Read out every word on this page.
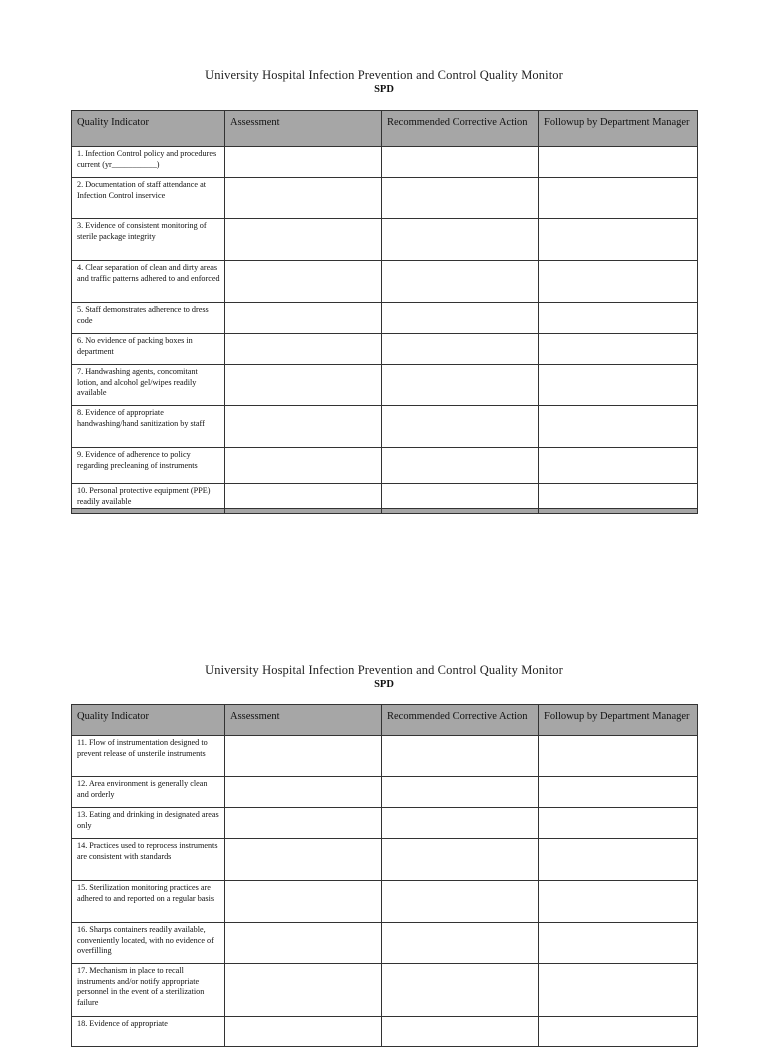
University Hospital Infection Prevention and Control Quality Monitor
SPD
Quality Indicator	Assessment	Recommended Corrective Action	Followup by Department Manager
1. Infection Control policy and procedures current (yr___________)			
2. Documentation of staff attendance at Infection Control inservice			
3. Evidence of consistent monitoring of sterile package integrity			
4. Clear separation of clean and dirty areas and traffic patterns adhered to and enforced			
5. Staff demonstrates adherence to dress code			
6. No evidence of packing boxes in department			
7. Handwashing agents, concomitant lotion, and alcohol gel/wipes readily available			
8. Evidence of appropriate handwashing/hand sanitization by staff			
9. Evidence of adherence to policy regarding precleaning of instruments			
10. Personal protective equipment (PPE) readily available			

University Hospital Infection Prevention and Control Quality Monitor
SPD
Quality Indicator	Assessment	Recommended Corrective Action	Followup by Department Manager
11. Flow of instrumentation designed to prevent release of unsterile instruments			
12. Area environment is generally clean and orderly			
13. Eating and drinking in designated areas only			
14. Practices used to reprocess instruments are consistent with standards			
15. Sterilization monitoring practices are adhered to and reported on a regular basis			
16. Sharps containers readily available, conveniently located, with no evidence of overfilling			
17. Mechanism in place to recall instruments and/or notify appropriate personnel in the event of a sterilization failure			
18. Evidence of appropriate			
